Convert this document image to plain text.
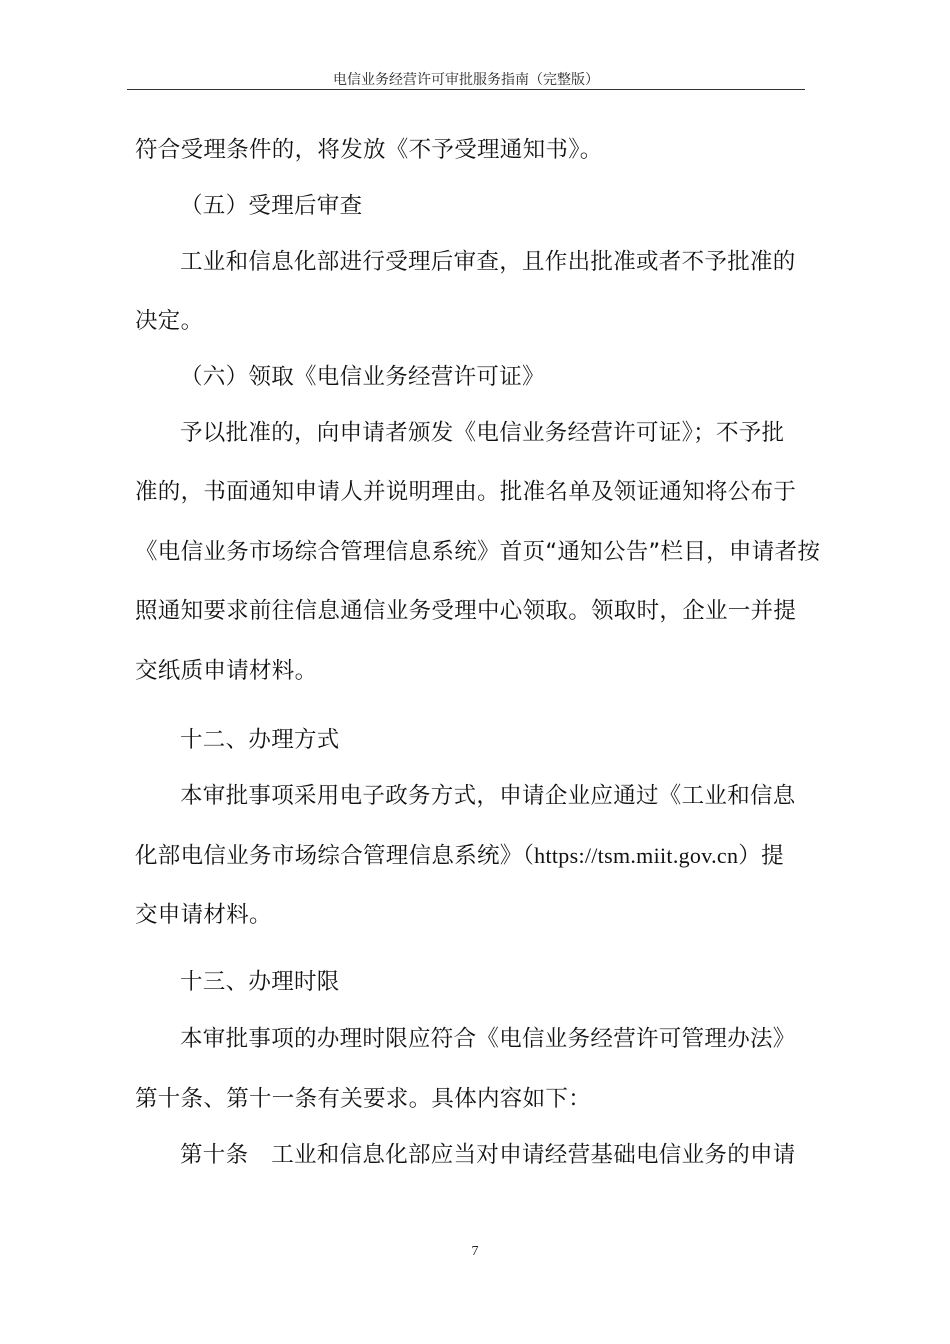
电信业务经营许可审批服务指南（完整版）
符合受理条件的，将发放《不予受理通知书》。
（五）受理后审查
工业和信息化部进行受理后审查，且作出批准或者不予批准的
决定。
（六）领取《电信业务经营许可证》
予以批准的，向申请者颁发《电信业务经营许可证》；不予批
准的，书面通知申请人并说明理由。批准名单及领证通知将公布于
《电信业务市场综合管理信息系统》首页“通知公告”栏目，申请者按
照通知要求前往信息通信业务受理中心领取。领取时，企业一并提
交纸质申请材料。
十二、办理方式
本审批事项采用电子政务方式，申请企业应通过《工业和信息
化部电信业务市场综合管理信息系统》（https://tsm.miit.gov.cn）提
交申请材料。
十三、办理时限
本审批事项的办理时限应符合《电信业务经营许可管理办法》
第十条、第十一条有关要求。具体内容如下：
第十条　工业和信息化部应当对申请经营基础电信业务的申请
7
